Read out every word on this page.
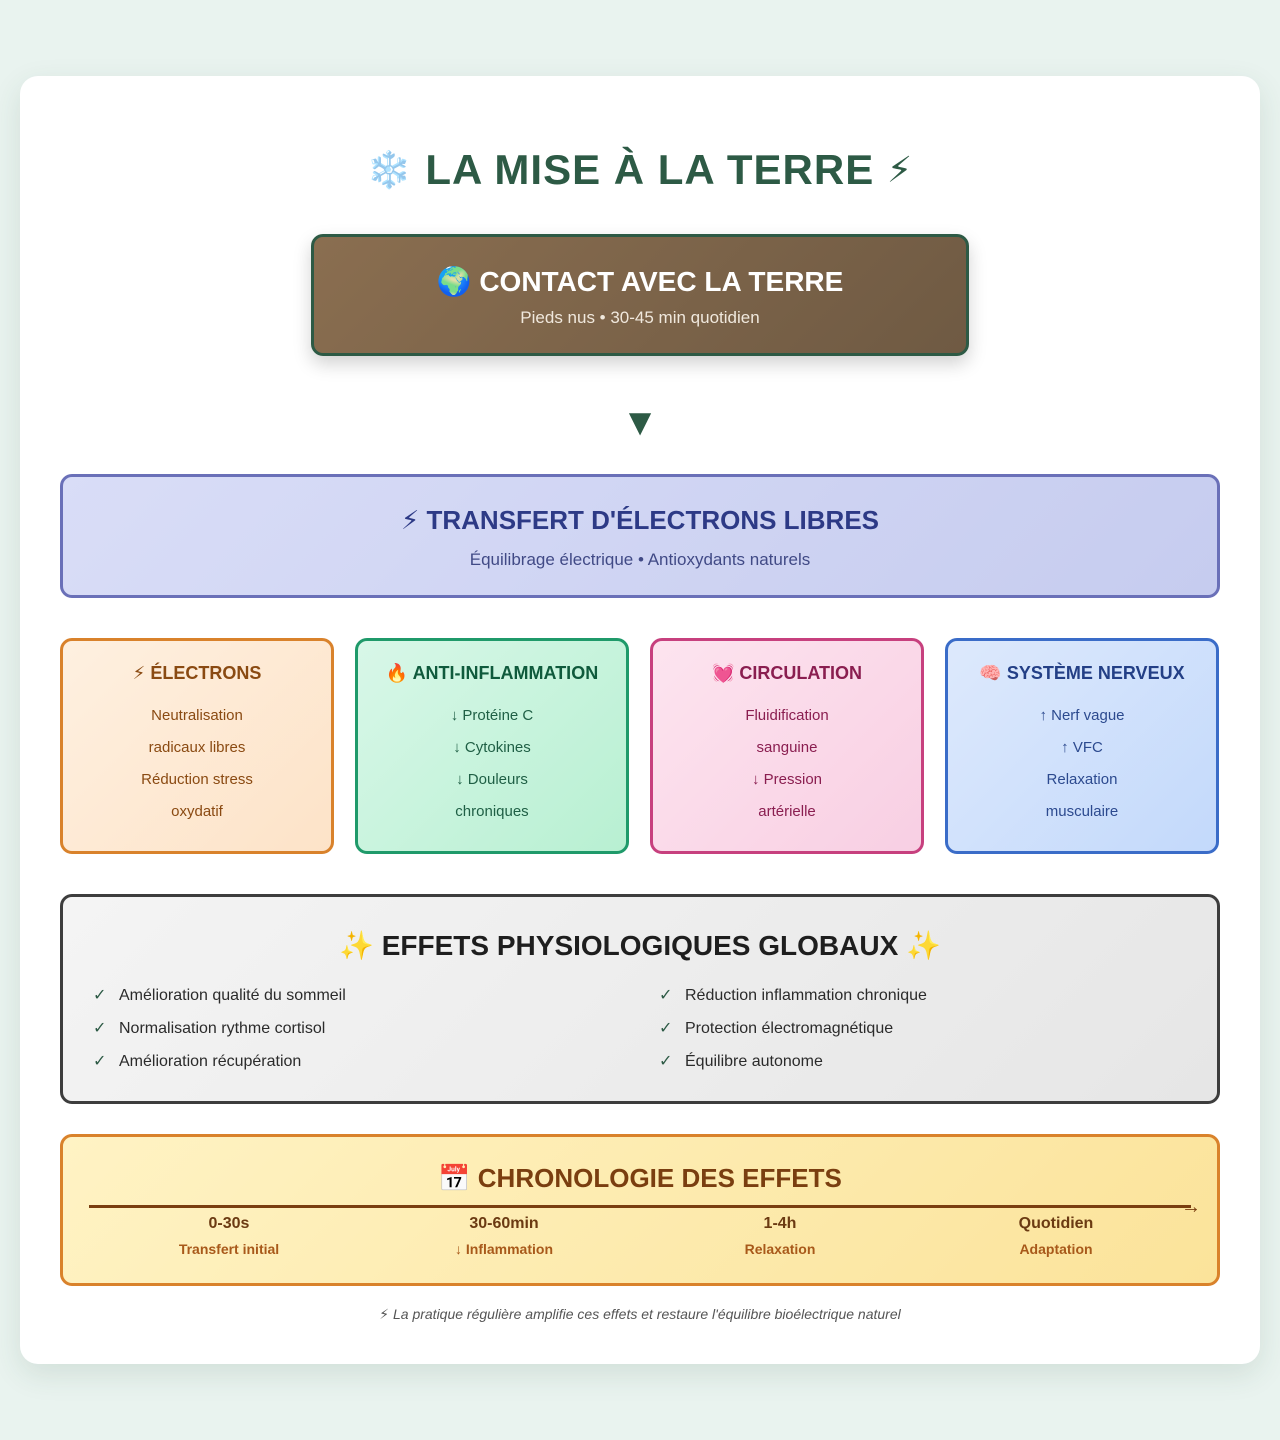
❄️ LA MISE À LA TERRE ⚡
🌍 CONTACT AVEC LA TERRE
Pieds nus • 30-45 min quotidien
▼
⚡ TRANSFERT D'ÉLECTRONS LIBRES
Équilibrage électrique • Antioxydants naturels
⚡ ÉLECTRONS
Neutralisation
radicaux libres
Réduction stress
oxydatif
🔥 ANTI-INFLAMMATION
↓ Protéine C
↓ Cytokines
↓ Douleurs
chroniques
💓 CIRCULATION
Fluidification
sanguine
↓ Pression
artérielle
🧠 SYSTÈME NERVEUX
↑ Nerf vague
↑ VFC
Relaxation
musculaire
✨ EFFETS PHYSIOLOGIQUES GLOBAUX ✨
✓ Amélioration qualité du sommeil
✓ Normalisation rythme cortisol
✓ Amélioration récupération
✓ Réduction inflammation chronique
✓ Protection électromagnétique
✓ Équilibre autonome
📅 CHRONOLOGIE DES EFFETS
→
0-30s
Transfert initial
30-60min
↓ Inflammation
1-4h
Relaxation
Quotidien
Adaptation
⚡ La pratique régulière amplifie ces effets et restaure l'équilibre bioélectrique naturel
